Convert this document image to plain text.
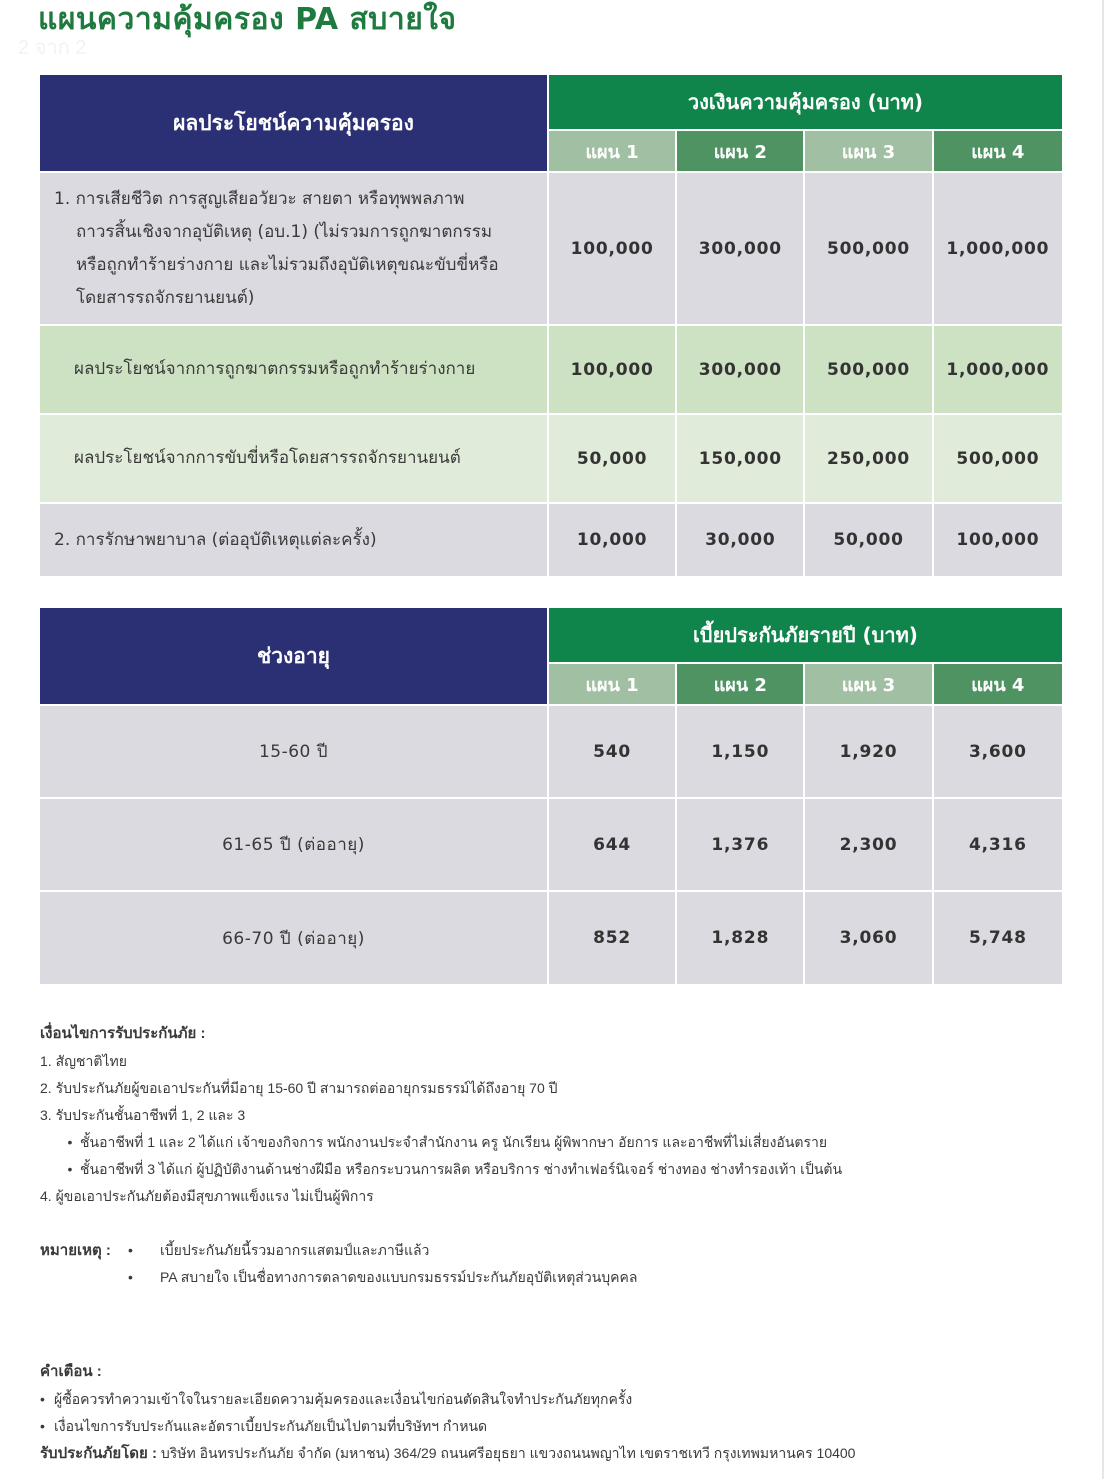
แผนความคุ้มครอง PA สบายใจ
2 จาก 2
ผลประโยชน์ความคุ้มครอง	วงเงินความคุ้มครอง (บาท)			
	แผน 1	แผน 2	แผน 3	แผน 4

1. การเสียชีวิต การสูญเสียอวัยวะ สายตา หรือทุพพลภาพ
ถาวรสิ้นเชิงจากอุบัติเหตุ (อบ.1) (ไม่รวมการถูกฆาตกรรม
หรือถูกทำร้ายร่างกาย และไม่รวมถึงอุบัติเหตุขณะขับขี่หรือ
โดยสารรถจักรยานยนต์)	100,000	300,000	500,000	1,000,000
ผลประโยชน์จากการถูกฆาตกรรมหรือถูกทำร้ายร่างกาย	100,000	300,000	500,000	1,000,000
ผลประโยชน์จากการขับขี่หรือโดยสารรถจักรยานยนต์	50,000	150,000	250,000	500,000
2. การรักษาพยาบาล (ต่ออุบัติเหตุแต่ละครั้ง)	10,000	30,000	50,000	100,000
ช่วงอายุ	เบี้ยประกันภัยรายปี (บาท)			
	แผน 1	แผน 2	แผน 3	แผน 4
15-60 ปี	540	1,150	1,920	3,600
61-65 ปี (ต่ออายุ)	644	1,376	2,300	4,316
66-70 ปี (ต่ออายุ)	852	1,828	3,060	5,748
เงื่อนไขการรับประกันภัย :
1. สัญชาติไทย
2. รับประกันภัยผู้ขอเอาประกันที่มีอายุ 15-60 ปี สามารถต่ออายุกรมธรรม์ได้ถึงอายุ 70 ปี
3. รับประกันชั้นอาชีพที่ 1, 2 และ 3
• ชั้นอาชีพที่ 1 และ 2 ได้แก่ เจ้าของกิจการ พนักงานประจำสำนักงาน ครู นักเรียน ผู้พิพากษา อัยการ และอาชีพที่ไม่เสี่ยงอันตราย
• ชั้นอาชีพที่ 3 ได้แก่ ผู้ปฏิบัติงานด้านช่างฝีมือ หรือกระบวนการผลิต หรือบริการ ช่างทำเฟอร์นิเจอร์ ช่างทอง ช่างทำรองเท้า เป็นต้น
4. ผู้ขอเอาประกันภัยต้องมีสุขภาพแข็งแรง ไม่เป็นผู้พิการ
หมายเหตุ :	•	เบี้ยประกันภัยนี้รวมอากรแสตมป์และภาษีแล้ว
•	PA สบายใจ เป็นชื่อทางการตลาดของแบบกรมธรรม์ประกันภัยอุบัติเหตุส่วนบุคคล
คำเตือน :
• ผู้ซื้อควรทำความเข้าใจในรายละเอียดความคุ้มครองและเงื่อนไขก่อนตัดสินใจทำประกันภัยทุกครั้ง
• เงื่อนไขการรับประกันและอัตราเบี้ยประกันภัยเป็นไปตามที่บริษัทฯ กำหนด
รับประกันภัยโดย : บริษัท อินทรประกันภัย จำกัด (มหาชน) 364/29 ถนนศรีอยุธยา แขวงถนนพญาไท เขตราชเทวี กรุงเทพมหานคร 10400
